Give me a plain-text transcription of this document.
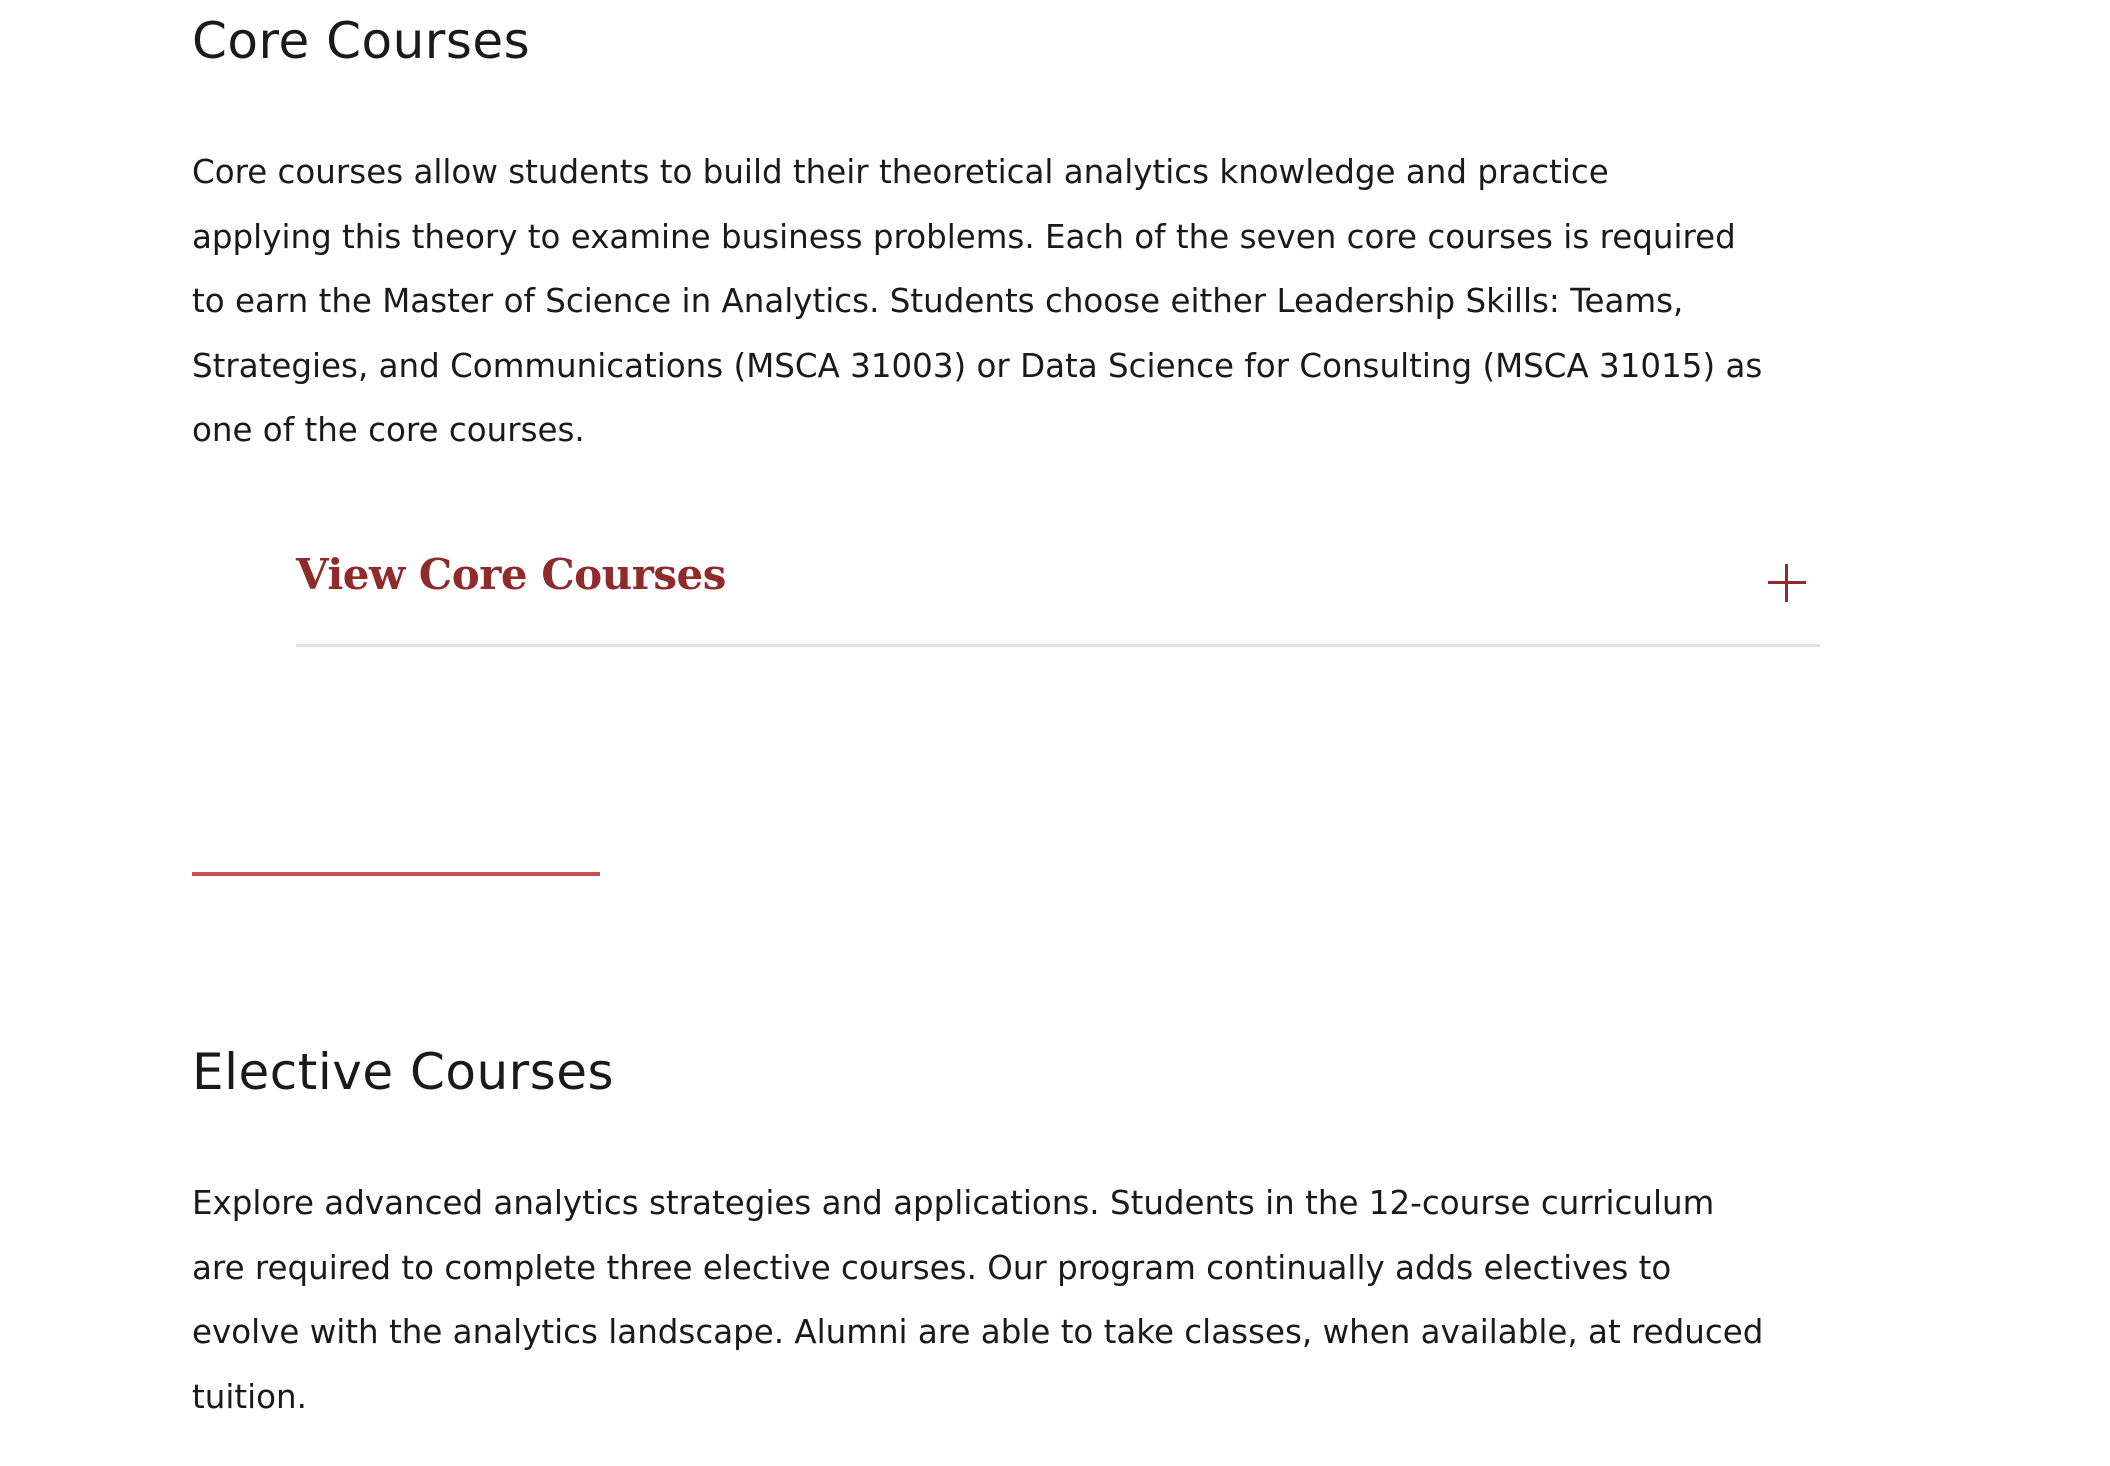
Core Courses

Core courses allow students to build their theoretical analytics knowledge and practice
applying this theory to examine business problems. Each of the seven core courses is required
to earn the Master of Science in Analytics. Students choose either Leadership Skills: Teams,
Strategies, and Communications (MSCA 31003) or Data Science for Consulting (MSCA 31015) as
one of the core courses.

View Core Courses
Elective Courses

Explore advanced analytics strategies and applications. Students in the 12-course curriculum
are required to complete three elective courses. Our program continually adds electives to
evolve with the analytics landscape. Alumni are able to take classes, when available, at reduced
tuition.
